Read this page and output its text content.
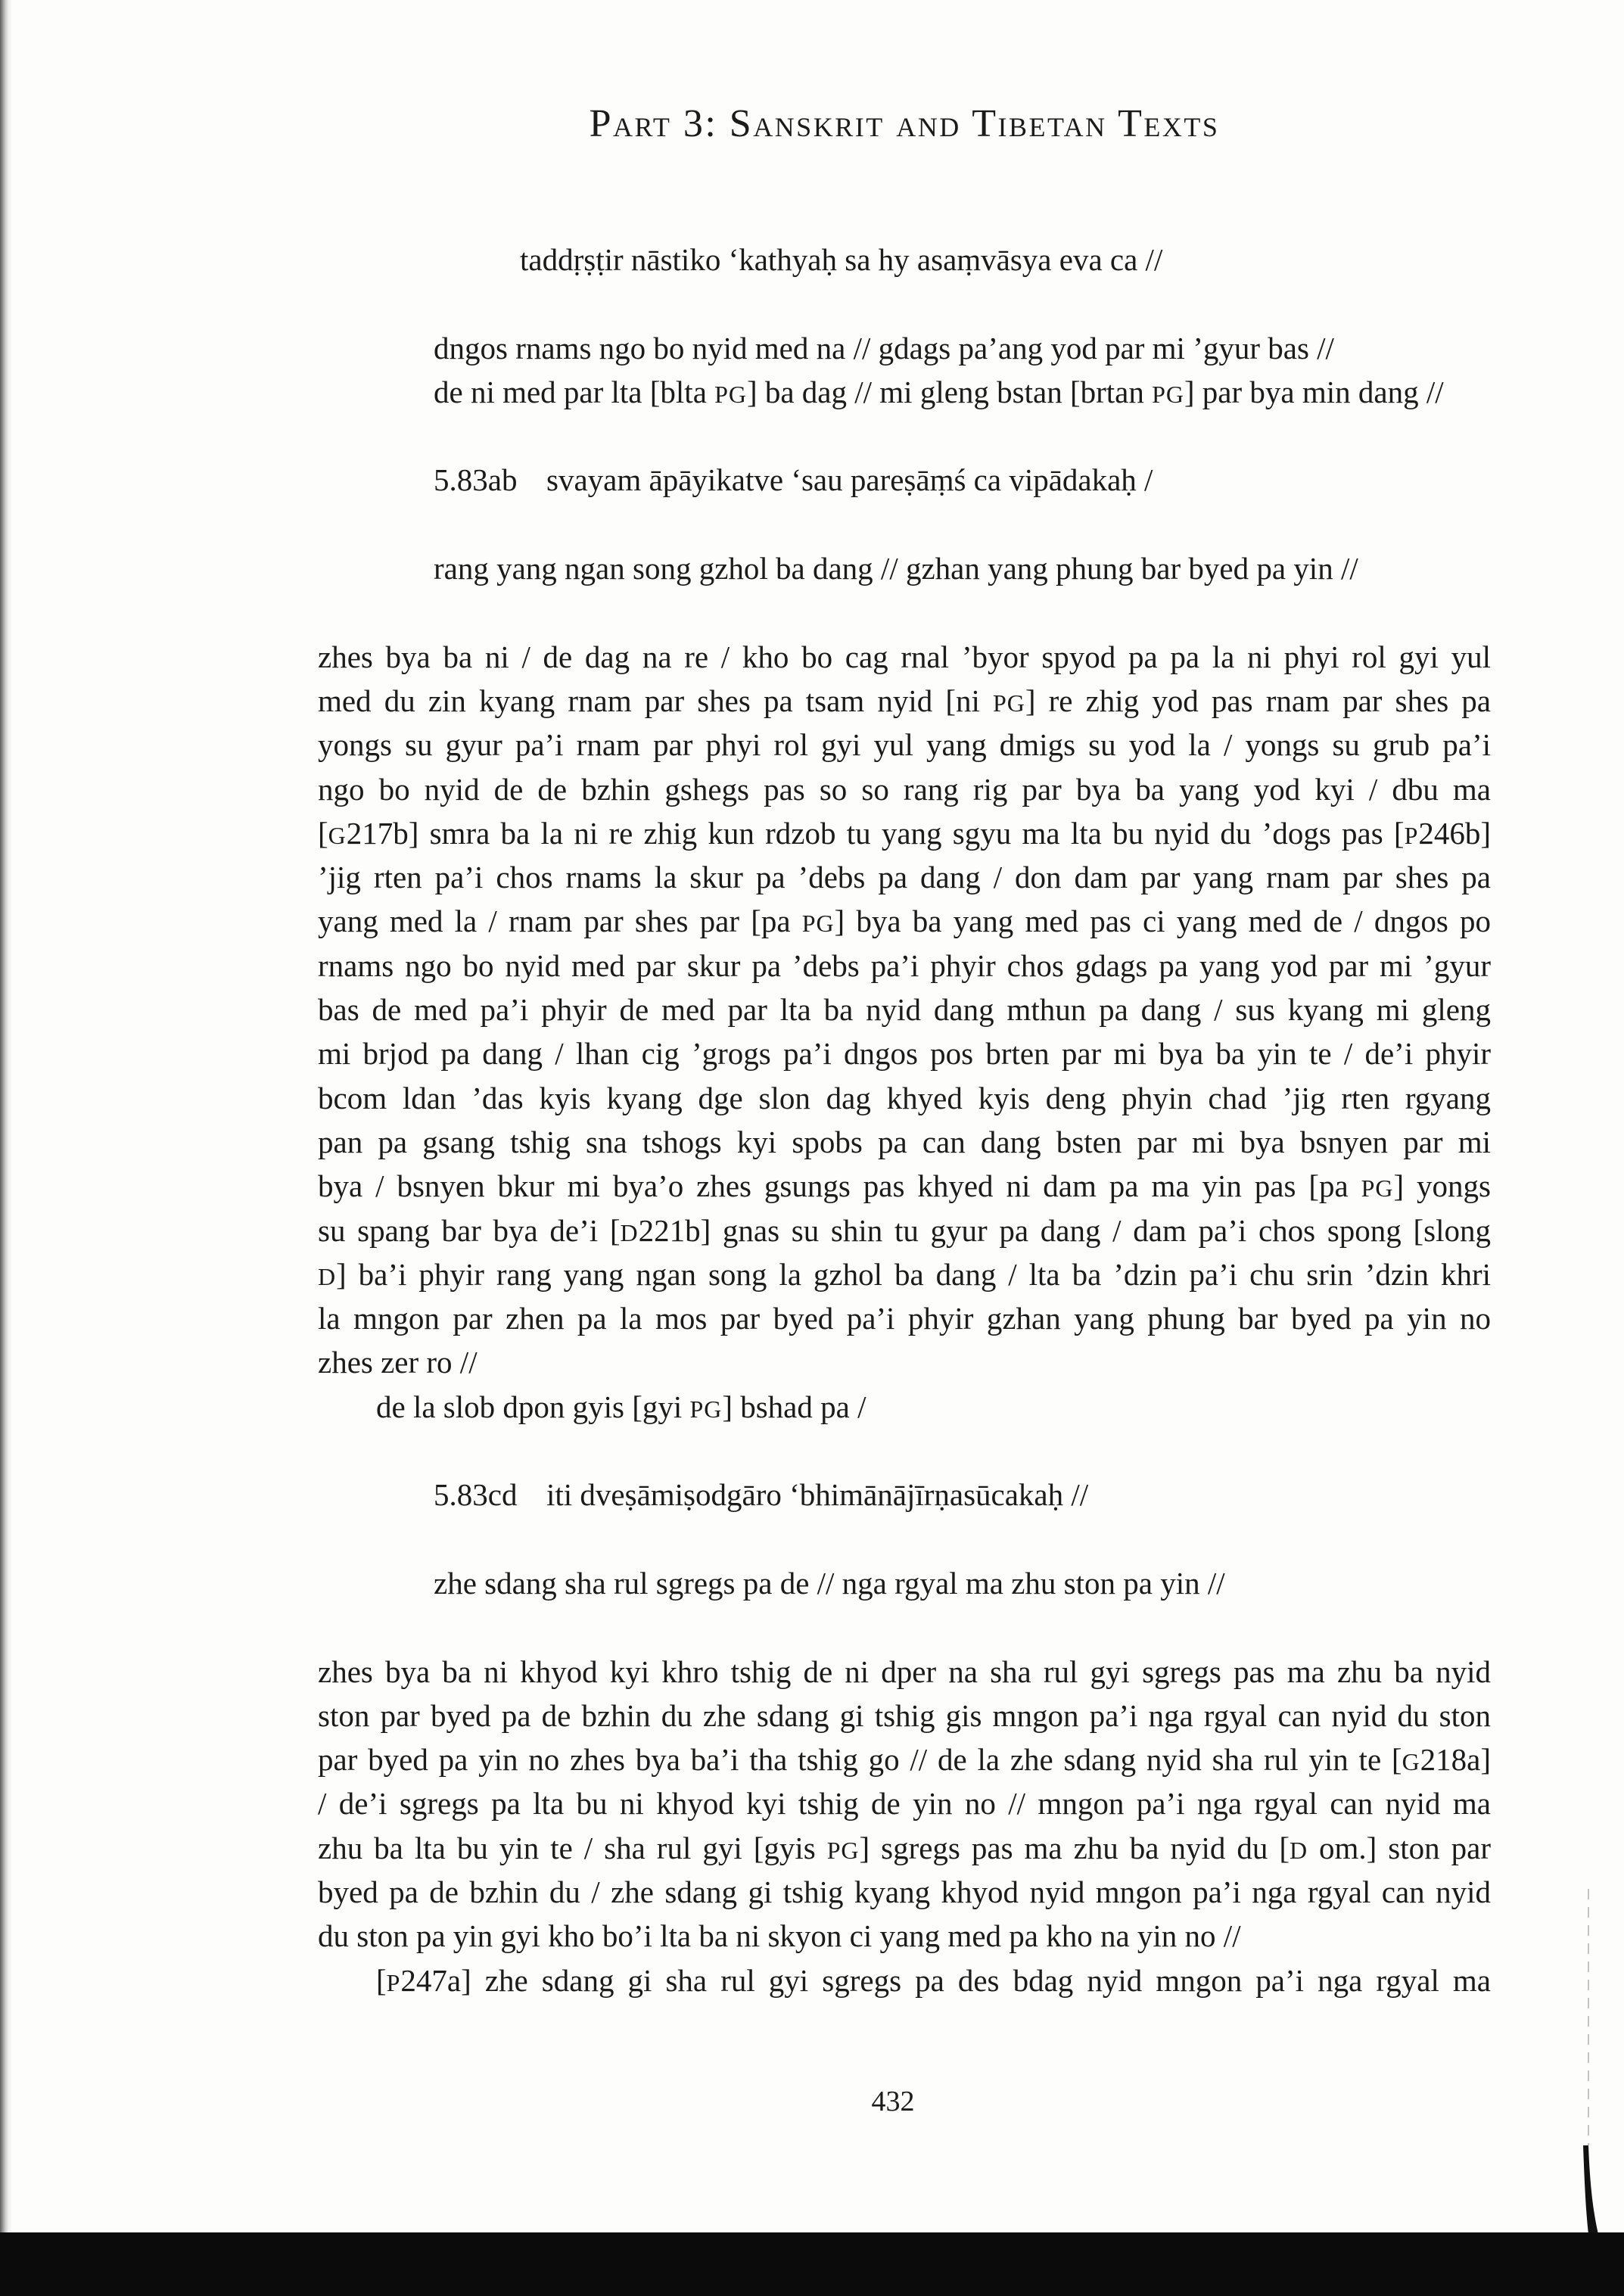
Part 3: Sanskrit and Tibetan Texts
taddṛṣṭir nāstiko ‘kathyaḥ sa hy asaṃvāsya eva ca //
dngos rnams ngo bo nyid med na // gdags pa’ang yod par mi ’gyur bas //
de ni med par lta [blta PG] ba dag // mi gleng bstan [brtan PG] par bya min dang //
5.83ab svayam āpāyikatve ‘sau pareṣāṃś ca vipādakaḥ /
rang yang ngan song gzhol ba dang // gzhan yang phung bar byed pa yin //
zhes bya ba ni / de dag na re / kho bo cag rnal ’byor spyod pa pa la ni phyi rol gyi yul
med du zin kyang rnam par shes pa tsam nyid [ni PG] re zhig yod pas rnam par shes pa
yongs su gyur pa’i rnam par phyi rol gyi yul yang dmigs su yod la / yongs su grub pa’i
ngo bo nyid de de bzhin gshegs pas so so rang rig par bya ba yang yod kyi / dbu ma
[G217b] smra ba la ni re zhig kun rdzob tu yang sgyu ma lta bu nyid du ’dogs pas [P246b]
’jig rten pa’i chos rnams la skur pa ’debs pa dang / don dam par yang rnam par shes pa
yang med la / rnam par shes par [pa PG] bya ba yang med pas ci yang med de / dngos po
rnams ngo bo nyid med par skur pa ’debs pa’i phyir chos gdags pa yang yod par mi ’gyur
bas de med pa’i phyir de med par lta ba nyid dang mthun pa dang / sus kyang mi gleng
mi brjod pa dang / lhan cig ’grogs pa’i dngos pos brten par mi bya ba yin te / de’i phyir
bcom ldan ’das kyis kyang dge slon dag khyed kyis deng phyin chad ’jig rten rgyang
pan pa gsang tshig sna tshogs kyi spobs pa can dang bsten par mi bya bsnyen par mi
bya / bsnyen bkur mi bya’o zhes gsungs pas khyed ni dam pa ma yin pas [pa PG] yongs
su spang bar bya de’i [D221b] gnas su shin tu gyur pa dang / dam pa’i chos spong [slong
D] ba’i phyir rang yang ngan song la gzhol ba dang / lta ba ’dzin pa’i chu srin ’dzin khri
la mngon par zhen pa la mos par byed pa’i phyir gzhan yang phung bar byed pa yin no
zhes zer ro //
de la slob dpon gyis [gyi PG] bshad pa /
5.83cd iti dveṣāmiṣodgāro ‘bhimānājīrṇasūcakaḥ //
zhe sdang sha rul sgregs pa de // nga rgyal ma zhu ston pa yin //
zhes bya ba ni khyod kyi khro tshig de ni dper na sha rul gyi sgregs pas ma zhu ba nyid
ston par byed pa de bzhin du zhe sdang gi tshig gis mngon pa’i nga rgyal can nyid du ston
par byed pa yin no zhes bya ba’i tha tshig go // de la zhe sdang nyid sha rul yin te [G218a]
/ de’i sgregs pa lta bu ni khyod kyi tshig de yin no // mngon pa’i nga rgyal can nyid ma
zhu ba lta bu yin te / sha rul gyi [gyis PG] sgregs pas ma zhu ba nyid du [D om.] ston par
byed pa de bzhin du / zhe sdang gi tshig kyang khyod nyid mngon pa’i nga rgyal can nyid
du ston pa yin gyi kho bo’i lta ba ni skyon ci yang med pa kho na yin no //
[P247a] zhe sdang gi sha rul gyi sgregs pa des bdag nyid mngon pa’i nga rgyal ma
432
